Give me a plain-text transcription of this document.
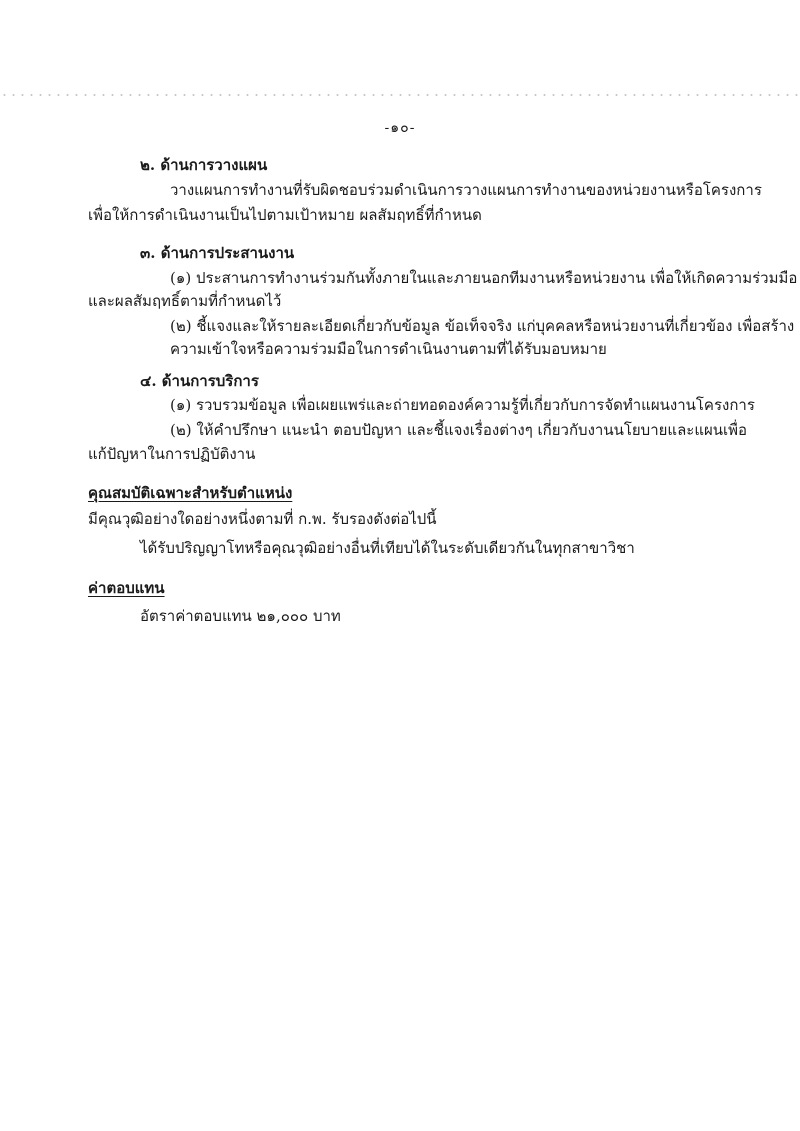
-๑๐-
๒. ด้านการวางแผน
วางแผนการทำงานที่รับผิดชอบร่วมดำเนินการวางแผนการทำงานของหน่วยงานหรือโครงการ
เพื่อให้การดำเนินงานเป็นไปตามเป้าหมาย ผลสัมฤทธิ์ที่กำหนด
๓. ด้านการประสานงาน
(๑) ประสานการทำงานร่วมกันทั้งภายในและภายนอกทีมงานหรือหน่วยงาน เพื่อให้เกิดความร่วมมือ
และผลสัมฤทธิ์ตามที่กำหนดไว้
(๒) ชี้แจงและให้รายละเอียดเกี่ยวกับข้อมูล ข้อเท็จจริง แก่บุคคลหรือหน่วยงานที่เกี่ยวข้อง เพื่อสร้าง
ความเข้าใจหรือความร่วมมือในการดำเนินงานตามที่ได้รับมอบหมาย
๔. ด้านการบริการ
(๑) รวบรวมข้อมูล เพื่อเผยแพร่และถ่ายทอดองค์ความรู้ที่เกี่ยวกับการจัดทำแผนงานโครงการ
(๒) ให้คำปรึกษา แนะนำ ตอบปัญหา และชี้แจงเรื่องต่างๆ เกี่ยวกับงานนโยบายและแผนเพื่อ
แก้ปัญหาในการปฏิบัติงาน
คุณสมบัติเฉพาะสำหรับตำแหน่ง
มีคุณวุฒิอย่างใดอย่างหนึ่งตามที่ ก.พ. รับรองดังต่อไปนี้
ได้รับปริญญาโทหรือคุณวุฒิอย่างอื่นที่เทียบได้ในระดับเดียวกันในทุกสาขาวิชา
ค่าตอบแทน
อัตราค่าตอบแทน ๒๑,๐๐๐ บาท
